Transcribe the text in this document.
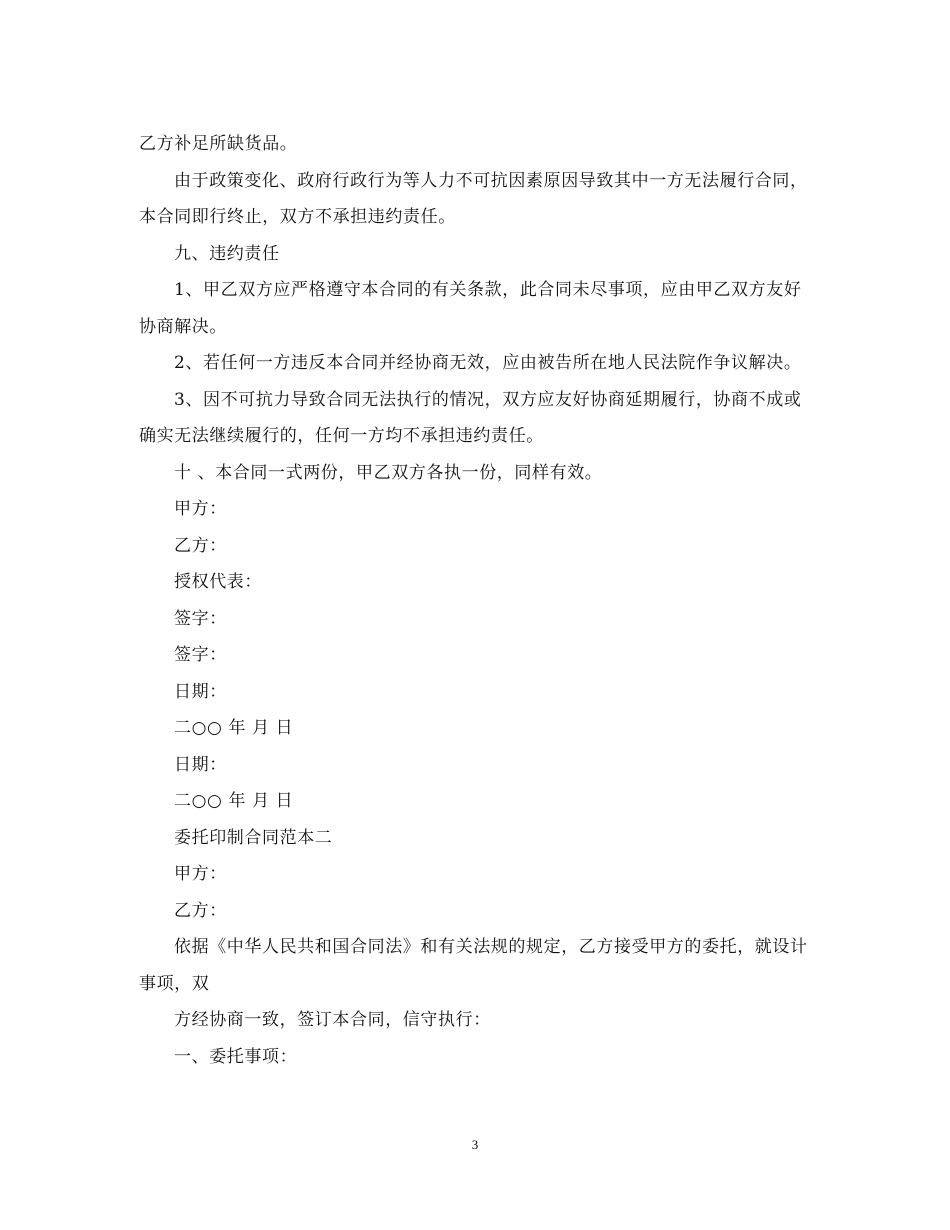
乙方补足所缺货品。

由于政策变化、政府行政行为等人力不可抗因素原因导致其中一方无法履行合同，本合同即行终止，双方不承担违约责任。

九、违约责任

1、甲乙双方应严格遵守本合同的有关条款，此合同未尽事项，应由甲乙双方友好协商解决。

2、若任何一方违反本合同并经协商无效，应由被告所在地人民法院作争议解决。

3、因不可抗力导致合同无法执行的情况，双方应友好协商延期履行，协商不成或确实无法继续履行的，任何一方均不承担违约责任。

十 、本合同一式两份，甲乙双方各执一份，同样有效。

甲方：

乙方：

授权代表：

签字：

签字：

日期：

二○○ 年 月 日

日期：

二○○ 年 月 日

委托印制合同范本二

甲方：

乙方：

依据《中华人民共和国合同法》和有关法规的规定，乙方接受甲方的委托，就设计事项，双

方经协商一致，签订本合同，信守执行：

一、委托事项：

3
